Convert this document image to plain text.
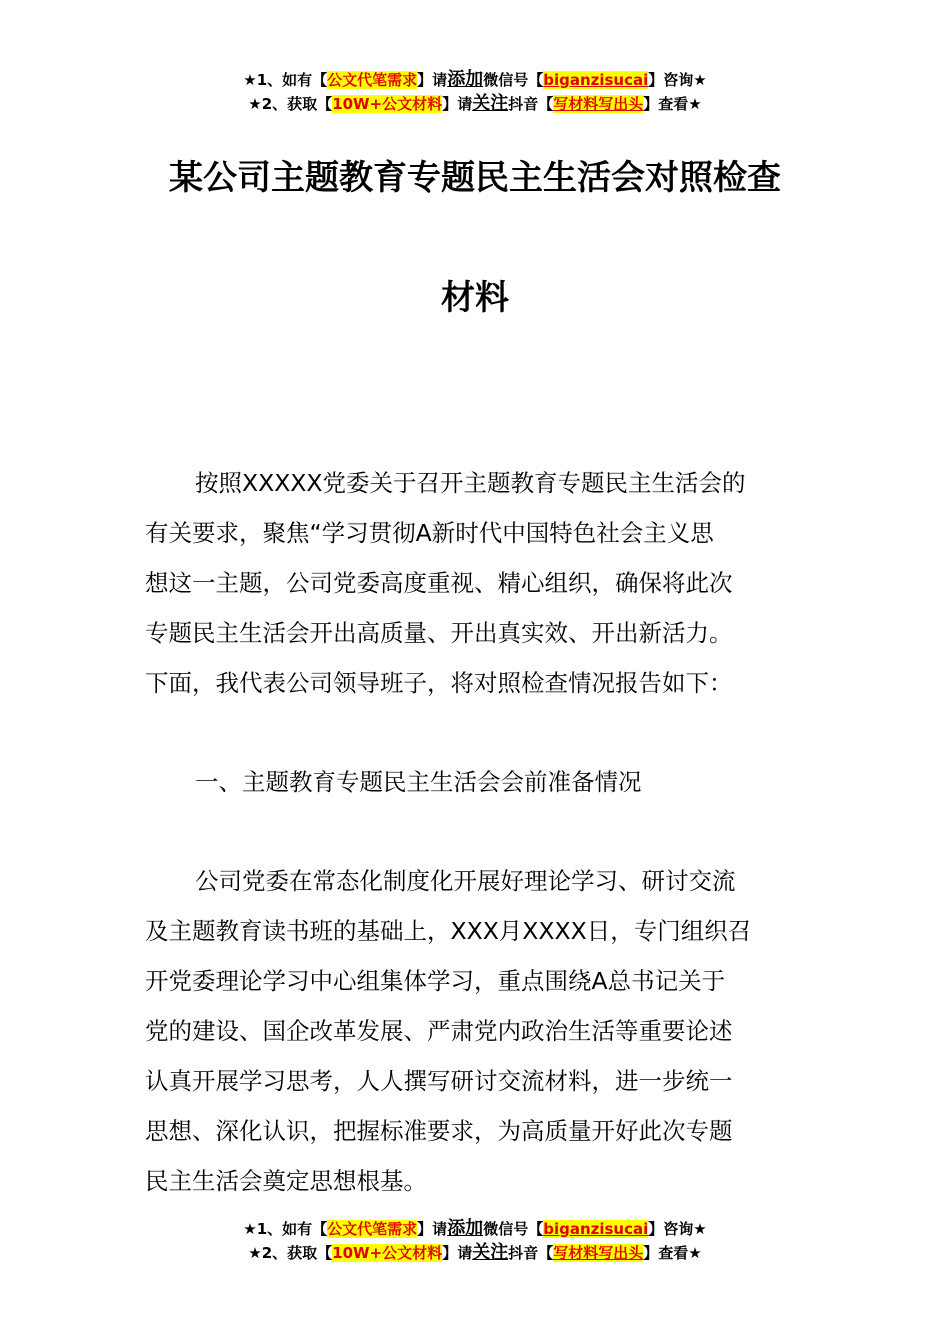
★1、如有【公文代笔需求】请添加微信号【biganzisucai】咨询★
★2、获取【10W+公文材料】请关注抖音【写材料写出头】查看★
某公司主题教育专题民主生活会对照检查
材料
按照XXXXX党委关于召开主题教育专题民主生活会的
有关要求，聚焦“学习贯彻A新时代中国特色社会主义思
想这一主题，公司党委高度重视、精心组织，确保将此次
专题民主生活会开出高质量、开出真实效、开出新活力。
下面，我代表公司领导班子，将对照检查情况报告如下：
一、主题教育专题民主生活会会前准备情况
公司党委在常态化制度化开展好理论学习、研讨交流
及主题教育读书班的基础上，XXX月XXXX日，专门组织召
开党委理论学习中心组集体学习，重点围绕A总书记关于
党的建设、国企改革发展、严肃党内政治生活等重要论述
认真开展学习思考，人人撰写研讨交流材料，进一步统一
思想、深化认识，把握标准要求，为高质量开好此次专题
民主生活会奠定思想根基。
★1、如有【公文代笔需求】请添加微信号【biganzisucai】咨询★
★2、获取【10W+公文材料】请关注抖音【写材料写出头】查看★
